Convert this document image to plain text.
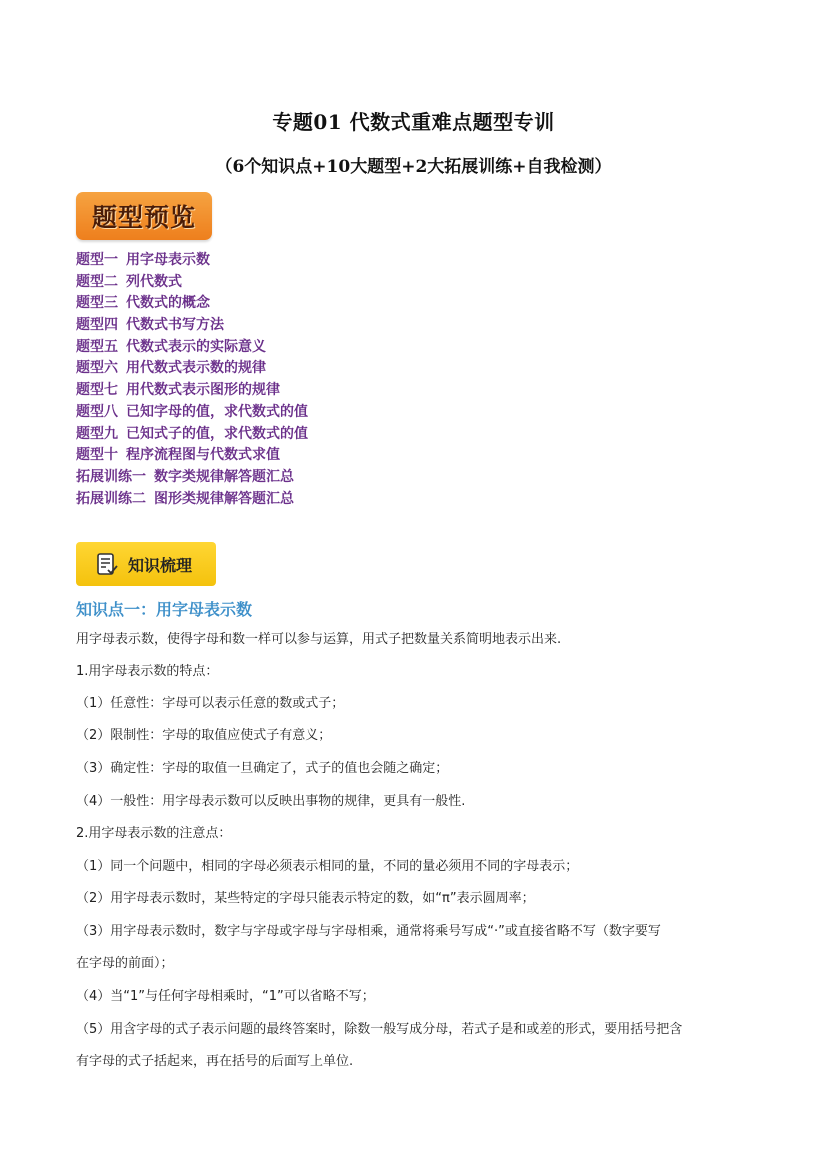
专题01 代数式重难点题型专训
（6个知识点+10大题型+2大拓展训练+自我检测）
题型预览
题型一 用字母表示数
题型二 列代数式
题型三 代数式的概念
题型四 代数式书写方法
题型五 代数式表示的实际意义
题型六 用代数式表示数的规律
题型七 用代数式表示图形的规律
题型八 已知字母的值，求代数式的值
题型九 已知式子的值，求代数式的值
题型十 程序流程图与代数式求值
拓展训练一 数字类规律解答题汇总
拓展训练二 图形类规律解答题汇总
知识梳理
知识点一：用字母表示数
用字母表示数，使得字母和数一样可以参与运算，用式子把数量关系简明地表示出来.
1.用字母表示数的特点：
（1）任意性：字母可以表示任意的数或式子；
（2）限制性：字母的取值应使式子有意义；
（3）确定性：字母的取值一旦确定了，式子的值也会随之确定；
（4）一般性：用字母表示数可以反映出事物的规律，更具有一般性.
2.用字母表示数的注意点：
（1）同一个问题中，相同的字母必须表示相同的量，不同的量必须用不同的字母表示；
（2）用字母表示数时，某些特定的字母只能表示特定的数，如“π”表示圆周率；
（3）用字母表示数时，数字与字母或字母与字母相乘，通常将乘号写成“·”或直接省略不写（数字要写
在字母的前面）；
（4）当“1”与任何字母相乘时，“1”可以省略不写；
（5）用含字母的式子表示问题的最终答案时，除数一般写成分母，若式子是和或差的形式，要用括号把含
有字母的式子括起来，再在括号的后面写上单位.
